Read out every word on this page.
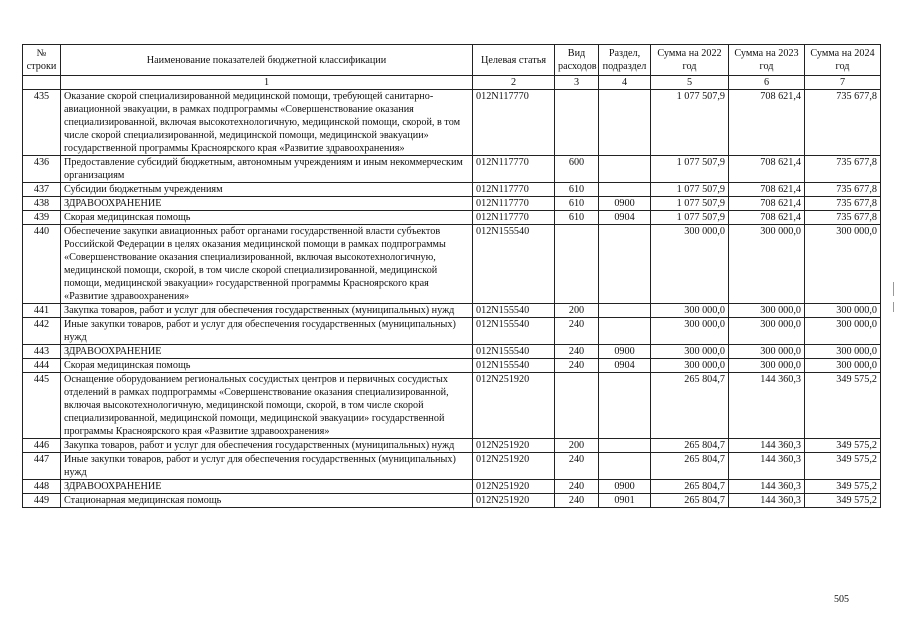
№ строки	Наименование показателей бюджетной классификации	Целевая статья	Вид расходов	Раздел, подраздел	Сумма на 2022 год	Сумма на 2023 год	Сумма на 2024 год
	1	2	3	4	5	6	7
435	Оказание скорой специализированной медицинской помощи, требующей санитарно-авиационной эвакуации, в рамках подпрограммы «Совершенствование оказания специализированной, включая высокотехнологичную, медицинской помощи, скорой, в том числе скорой специализированной, медицинской помощи, медицинской эвакуации» государственной программы Красноярского края «Развитие здравоохранения»	012N117770			1 077 507,9	708 621,4	735 677,8
436	Предоставление субсидий бюджетным, автономным учреждениям и иным некоммерческим организациям	012N117770	600		1 077 507,9	708 621,4	735 677,8
437	Субсидии бюджетным учреждениям	012N117770	610		1 077 507,9	708 621,4	735 677,8
438	ЗДРАВООХРАНЕНИЕ	012N117770	610	0900	1 077 507,9	708 621,4	735 677,8
439	Скорая медицинская помощь	012N117770	610	0904	1 077 507,9	708 621,4	735 677,8
440	Обеспечение закупки авиационных работ органами государственной власти субъектов Российской Федерации в целях оказания медицинской помощи в рамках подпрограммы «Совершенствование оказания специализированной, включая высокотехнологичную, медицинской помощи, скорой, в том числе скорой специализированной, медицинской помощи, медицинской эвакуации» государственной программы Красноярского края «Развитие здравоохранения»	012N155540			300 000,0	300 000,0	300 000,0
441	Закупка товаров, работ и услуг для обеспечения государственных (муниципальных) нужд	012N155540	200		300 000,0	300 000,0	300 000,0
442	Иные закупки товаров, работ и услуг для обеспечения государственных (муниципальных) нужд	012N155540	240		300 000,0	300 000,0	300 000,0
443	ЗДРАВООХРАНЕНИЕ	012N155540	240	0900	300 000,0	300 000,0	300 000,0
444	Скорая медицинская помощь	012N155540	240	0904	300 000,0	300 000,0	300 000,0
445	Оснащение оборудованием региональных сосудистых центров и первичных сосудистых отделений в рамках подпрограммы «Совершенствование оказания специализированной, включая высокотехнологичную, медицинской помощи, скорой, в том числе скорой специализированной, медицинской помощи, медицинской эвакуации» государственной программы Красноярского края «Развитие здравоохранения»	012N251920			265 804,7	144 360,3	349 575,2
446	Закупка товаров, работ и услуг для обеспечения государственных (муниципальных) нужд	012N251920	200		265 804,7	144 360,3	349 575,2
447	Иные закупки товаров, работ и услуг для обеспечения государственных (муниципальных) нужд	012N251920	240		265 804,7	144 360,3	349 575,2
448	ЗДРАВООХРАНЕНИЕ	012N251920	240	0900	265 804,7	144 360,3	349 575,2
449	Стационарная медицинская помощь	012N251920	240	0901	265 804,7	144 360,3	349 575,2
505
